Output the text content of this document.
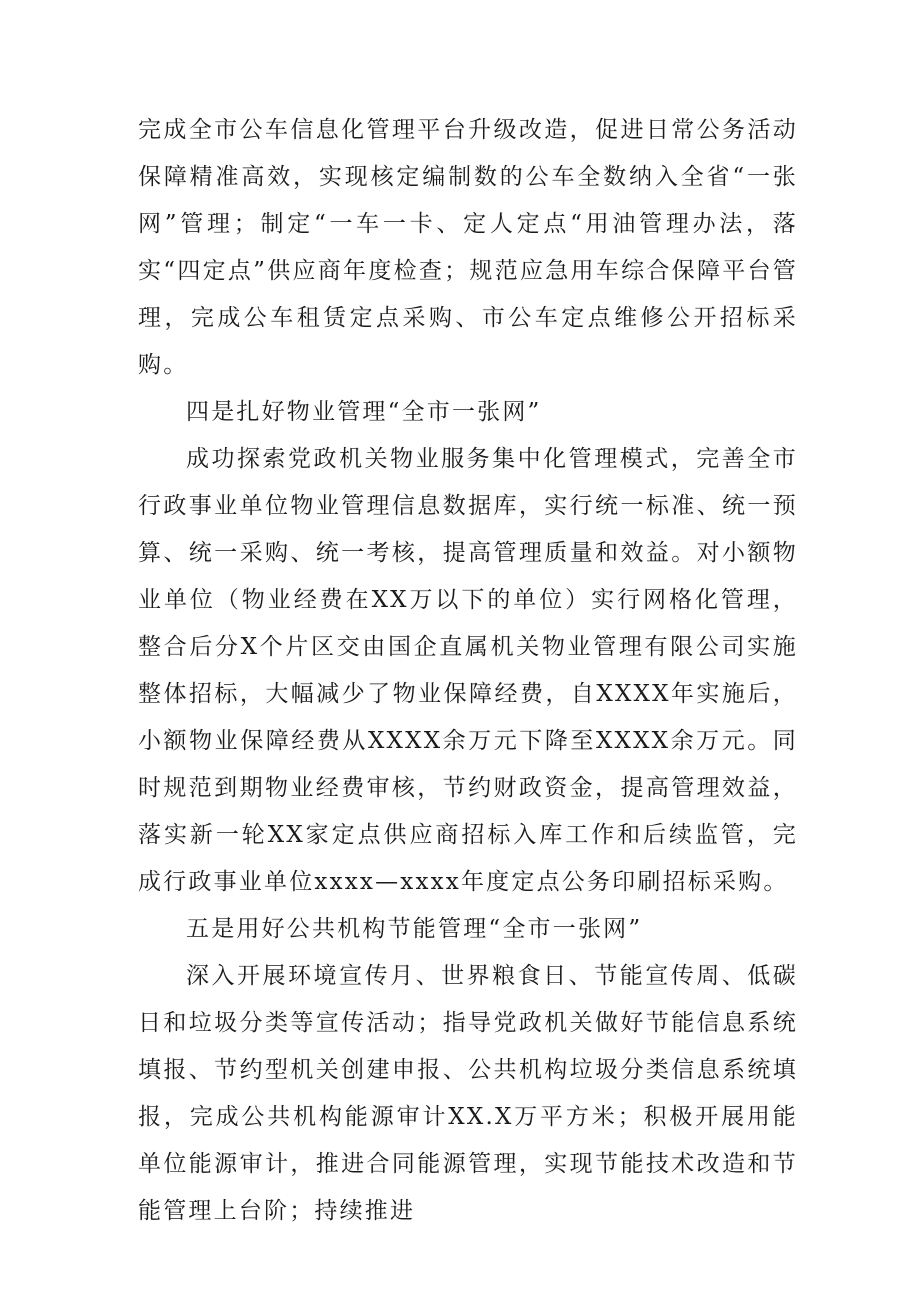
完成全市公车信息化管理平台升级改造，促进日常公务活动保障精准高效，实现核定编制数的公车全数纳入全省“一张网”管理；制定“一车一卡、定人定点“用油管理办法，落实“四定点”供应商年度检查；规范应急用车综合保障平台管理，完成公车租赁定点采购、市公车定点维修公开招标采购。

四是扎好物业管理“全市一张网”

成功探索党政机关物业服务集中化管理模式，完善全市行政事业单位物业管理信息数据库，实行统一标准、统一预算、统一采购、统一考核，提高管理质量和效益。对小额物业单位（物业经费在XX万以下的单位）实行网格化管理，整合后分X个片区交由国企直属机关物业管理有限公司实施整体招标，大幅减少了物业保障经费，自XXXX年实施后，小额物业保障经费从XXXX余万元下降至XXXX余万元。同时规范到期物业经费审核，节约财政资金，提高管理效益，落实新一轮XX家定点供应商招标入库工作和后续监管，完成行政事业单位xxxx—xxxx年度定点公务印刷招标采购。

五是用好公共机构节能管理“全市一张网”

深入开展环境宣传月、世界粮食日、节能宣传周、低碳日和垃圾分类等宣传活动；指导党政机关做好节能信息系统填报、节约型机关创建申报、公共机构垃圾分类信息系统填报，完成公共机构能源审计XX.X万平方米；积极开展用能单位能源审计，推进合同能源管理，实现节能技术改造和节能管理上台阶；持续推进
